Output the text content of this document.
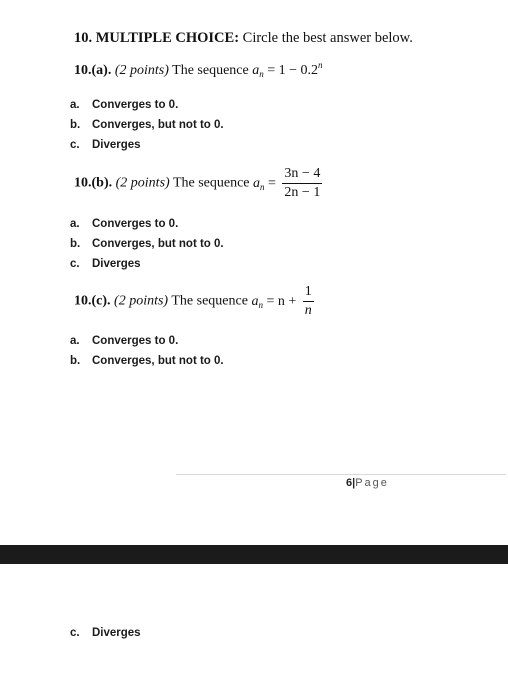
10. MULTIPLE CHOICE: Circle the best answer below.
10.(a). (2 points) The sequence $a_n = 1 - 0.2^n$
a. Converges to 0.
b. Converges, but not to 0.
c. Diverges
10.(b). (2 points) The sequence $a_n = \frac{3n - 4}{2n - 1}$
a. Converges to 0.
b. Converges, but not to 0.
c. Diverges
10.(c). (2 points) The sequence $a_n = n + \frac{1}{n}$
a. Converges to 0.
b. Converges, but not to 0.
6|Page
c. Diverges
